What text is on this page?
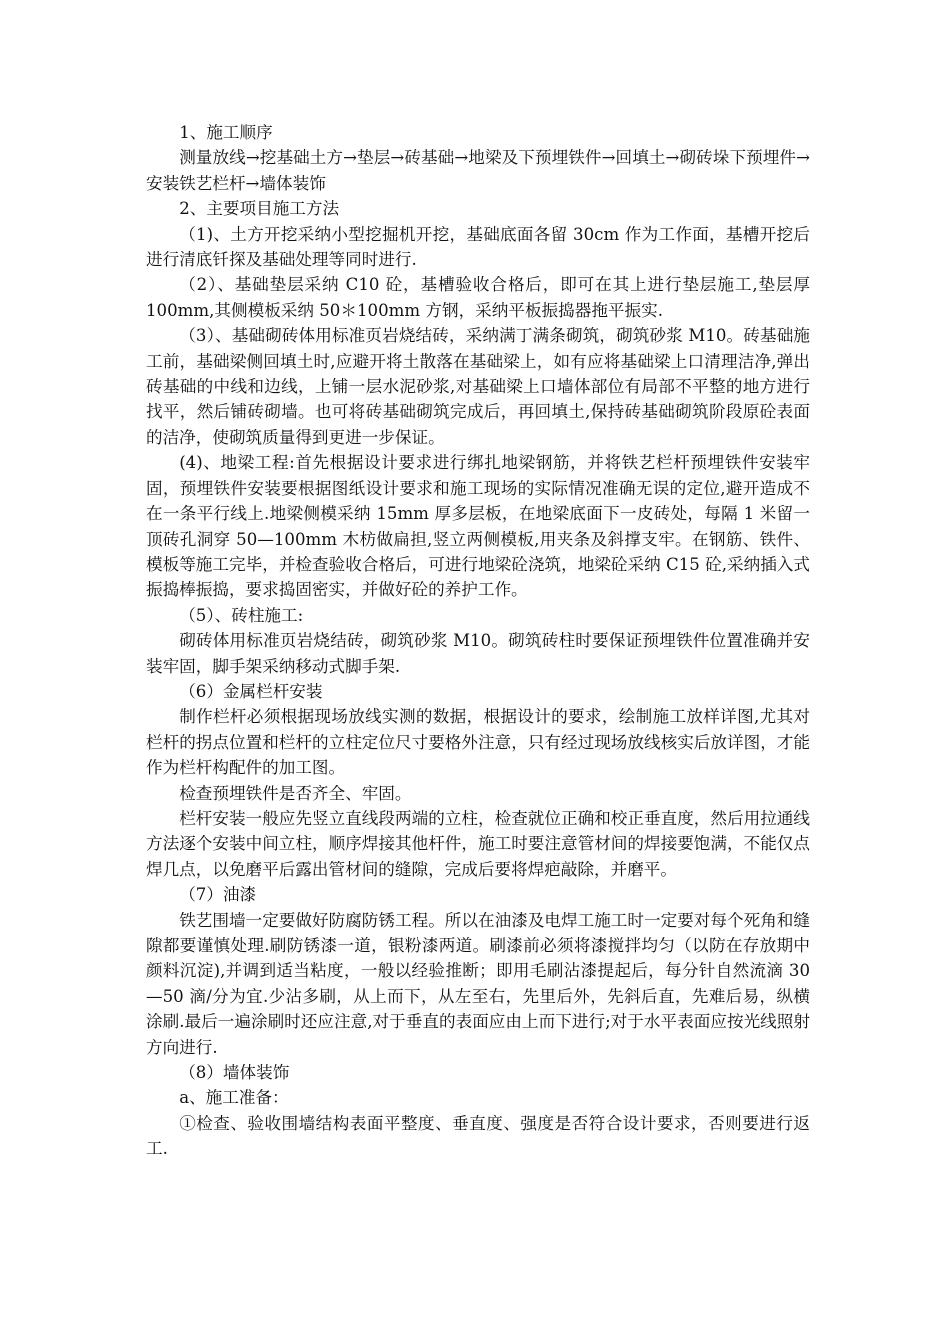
1、施工顺序

测量放线→挖基础土方→垫层→砖基础→地梁及下预埋铁件→回填土→砌砖垛下预埋件→安装铁艺栏杆→墙体装饰

2、主要项目施工方法

（1)、土方开挖采纳小型挖掘机开挖，基础底面各留 30cm 作为工作面，基槽开挖后进行清底钎探及基础处理等同时进行.

（2）、基础垫层采纳 C10 砼，基槽验收合格后，即可在其上进行垫层施工,垫层厚 100mm,其侧模板采纳 50＊100mm 方钢，采纳平板振捣器拖平振实.

（3）、基础砌砖体用标准页岩烧结砖，采纳满丁满条砌筑，砌筑砂浆 M10。砖基础施工前，基础梁侧回填土时,应避开将土散落在基础梁上，如有应将基础梁上口清理洁净,弹出砖基础的中线和边线，上铺一层水泥砂浆,对基础梁上口墙体部位有局部不平整的地方进行找平，然后铺砖砌墙。也可将砖基础砌筑完成后，再回填土,保持砖基础砌筑阶段原砼表面的洁净，使砌筑质量得到更进一步保证。

(4)、地梁工程:首先根据设计要求进行绑扎地梁钢筋，并将铁艺栏杆预埋铁件安装牢固，预埋铁件安装要根据图纸设计要求和施工现场的实际情况准确无误的定位,避开造成不在一条平行线上.地梁侧模采纳 15mm 厚多层板，在地梁底面下一皮砖处，每隔 1 米留一顶砖孔洞穿 50—100mm 木枋做扁担,竖立两侧模板,用夹条及斜撑支牢。在钢筋、铁件、模板等施工完毕，并检查验收合格后，可进行地梁砼浇筑，地梁砼采纳 C15 砼,采纳插入式振捣棒振捣，要求捣固密实，并做好砼的养护工作。

（5）、砖柱施工:

砌砖体用标准页岩烧结砖，砌筑砂浆 M10。砌筑砖柱时要保证预埋铁件位置准确并安装牢固，脚手架采纳移动式脚手架.

（6）金属栏杆安装

制作栏杆必须根据现场放线实测的数据，根据设计的要求，绘制施工放样详图,尤其对栏杆的拐点位置和栏杆的立柱定位尺寸要格外注意，只有经过现场放线核实后放详图，才能作为栏杆构配件的加工图。

检查预埋铁件是否齐全、牢固。

栏杆安装一般应先竖立直线段两端的立柱，检查就位正确和校正垂直度，然后用拉通线方法逐个安装中间立柱，顺序焊接其他杆件，施工时要注意管材间的焊接要饱满，不能仅点焊几点，以免磨平后露出管材间的缝隙，完成后要将焊疤敲除，并磨平。

（7）油漆

铁艺围墙一定要做好防腐防锈工程。所以在油漆及电焊工施工时一定要对每个死角和缝隙都要谨慎处理.刷防锈漆一道，银粉漆两道。刷漆前必须将漆搅拌均匀（以防在存放期中颜料沉淀),并调到适当粘度，一般以经验推断；即用毛刷沾漆提起后，每分针自然流滴 30—50 滴/分为宜.少沾多刷，从上而下，从左至右，先里后外，先斜后直，先难后易，纵横涂刷.最后一遍涂刷时还应注意,对于垂直的表面应由上而下进行;对于水平表面应按光线照射方向进行.

（8）墙体装饰

a、施工准备：

①检查、验收围墙结构表面平整度、垂直度、强度是否符合设计要求，否则要进行返工.
